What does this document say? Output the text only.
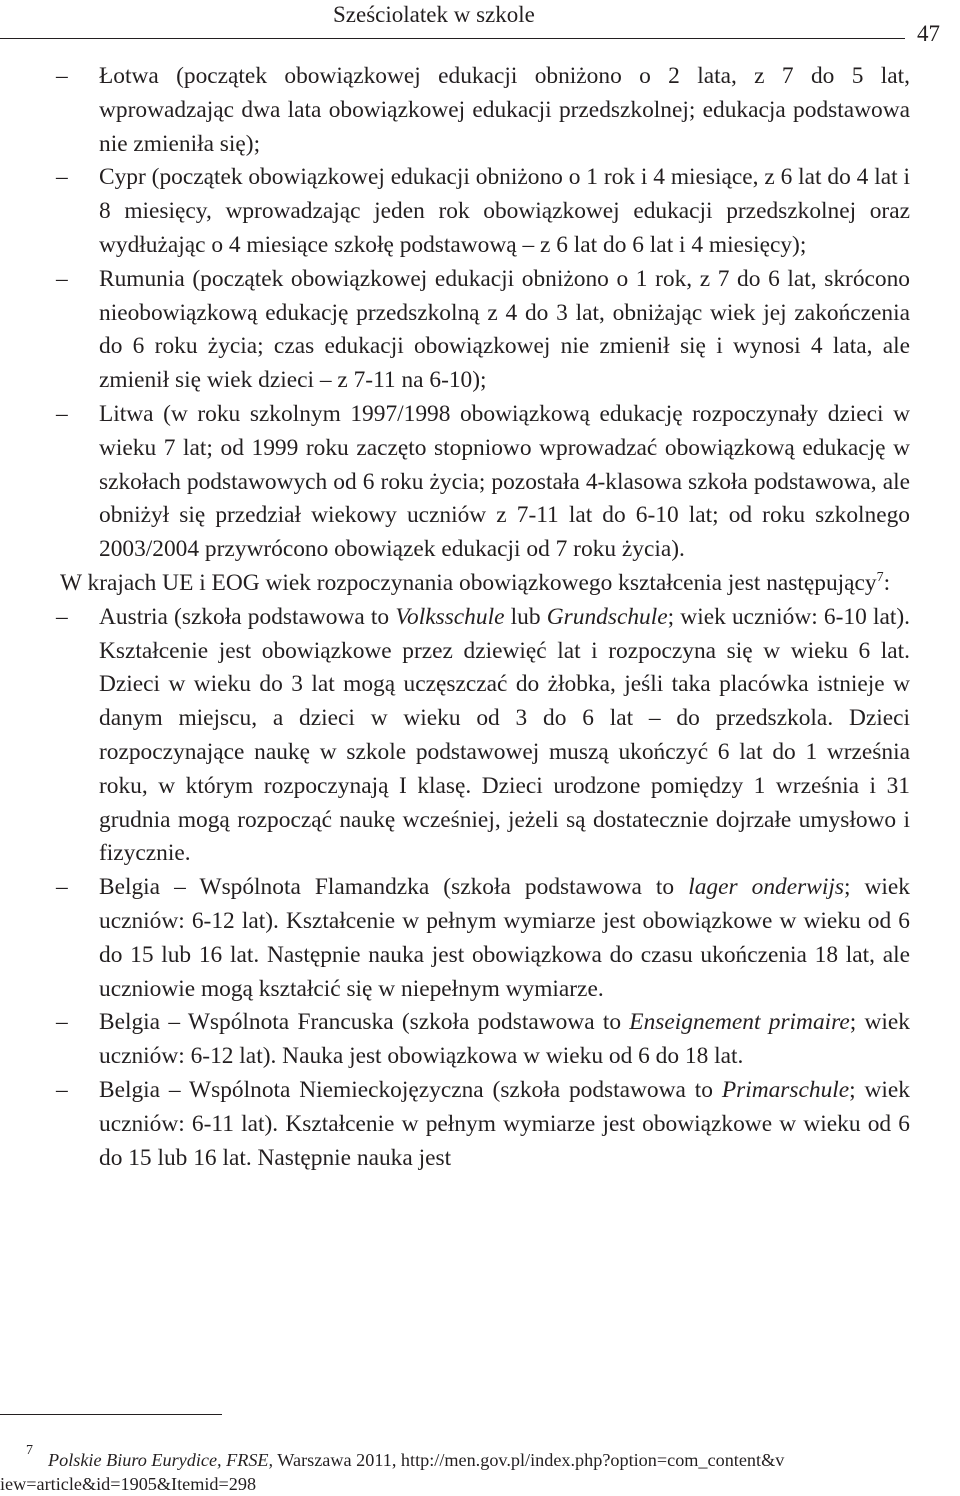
Sześciolatek w szkole
47
– Łotwa (początek obowiązkowej edukacji obniżono o 2 lata, z 7 do 5 lat, wprowadzając dwa lata obowiązkowej edukacji przedszkolnej; edukacja podstawowa nie zmieniła się);
– Cypr (początek obowiązkowej edukacji obniżono o 1 rok i 4 miesiące, z 6 lat do 4 lat i 8 miesięcy, wprowadzając jeden rok obowiązkowej edukacji przedszkolnej oraz wydłużając o 4 miesiące szkołę podstawową – z 6 lat do 6 lat i 4 miesięcy);
– Rumunia (początek obowiązkowej edukacji obniżono o 1 rok, z 7 do 6 lat, skrócono nieobowiązkową edukację przedszkolną z 4 do 3 lat, obniżając wiek jej zakończenia do 6 roku życia; czas edukacji obowiązkowej nie zmienił się i wynosi 4 lata, ale zmienił się wiek dzieci – z 7-11 na 6-10);
– Litwa (w roku szkolnym 1997/1998 obowiązkową edukację rozpoczynały dzieci w wieku 7 lat; od 1999 roku zaczęto stopniowo wprowadzać obowiązkową edukację w szkołach podstawowych od 6 roku życia; pozostała 4-klasowa szkoła podstawowa, ale obniżył się przedział wiekowy uczniów z 7-11 lat do 6-10 lat; od roku szkolnego 2003/2004 przywrócono obowiązek edukacji od 7 roku życia).

W krajach UE i EOG wiek rozpoczynania obowiązkowego kształcenia jest następujący$^7$:

– Austria (szkoła podstawowa to Volksschule lub Grundschule; wiek uczniów: 6-10 lat). Kształcenie jest obowiązkowe przez dziewięć lat i rozpoczyna się w wieku 6 lat. Dzieci w wieku do 3 lat mogą uczęszczać do żłobka, jeśli taka placówka istnieje w danym miejscu, a dzieci w wieku od 3 do 6 lat – do przedszkola. Dzieci rozpoczynające naukę w szkole podstawowej muszą ukończyć 6 lat do 1 września roku, w którym rozpoczynają I klasę. Dzieci urodzone pomiędzy 1 września i 31 grudnia mogą rozpocząć naukę wcześniej, jeżeli są dostatecznie dojrzałe umysłowo i fizycznie.
– Belgia – Wspólnota Flamandzka (szkoła podstawowa to lager onderwijs; wiek uczniów: 6-12 lat). Kształcenie w pełnym wymiarze jest obowiązkowe w wieku od 6 do 15 lub 16 lat. Następnie nauka jest obowiązkowa do czasu ukończenia 18 lat, ale uczniowie mogą kształcić się w niepełnym wymiarze.
– Belgia – Wspólnota Francuska (szkoła podstawowa to Enseignement primaire; wiek uczniów: 6-12 lat). Nauka jest obowiązkowa w wieku od 6 do 18 lat.
– Belgia – Wspólnota Niemieckojęzyczna (szkoła podstawowa to Primarschule; wiek uczniów: 6-11 lat). Kształcenie w pełnym wymiarze jest obowiązkowe w wieku od 6 do 15 lub 16 lat. Następnie nauka jest
7 Polskie Biuro Eurydice, FRSE, Warszawa 2011, http://men.gov.pl/index.php?option=com_content&v
iew=article&id=1905&Itemid=298
